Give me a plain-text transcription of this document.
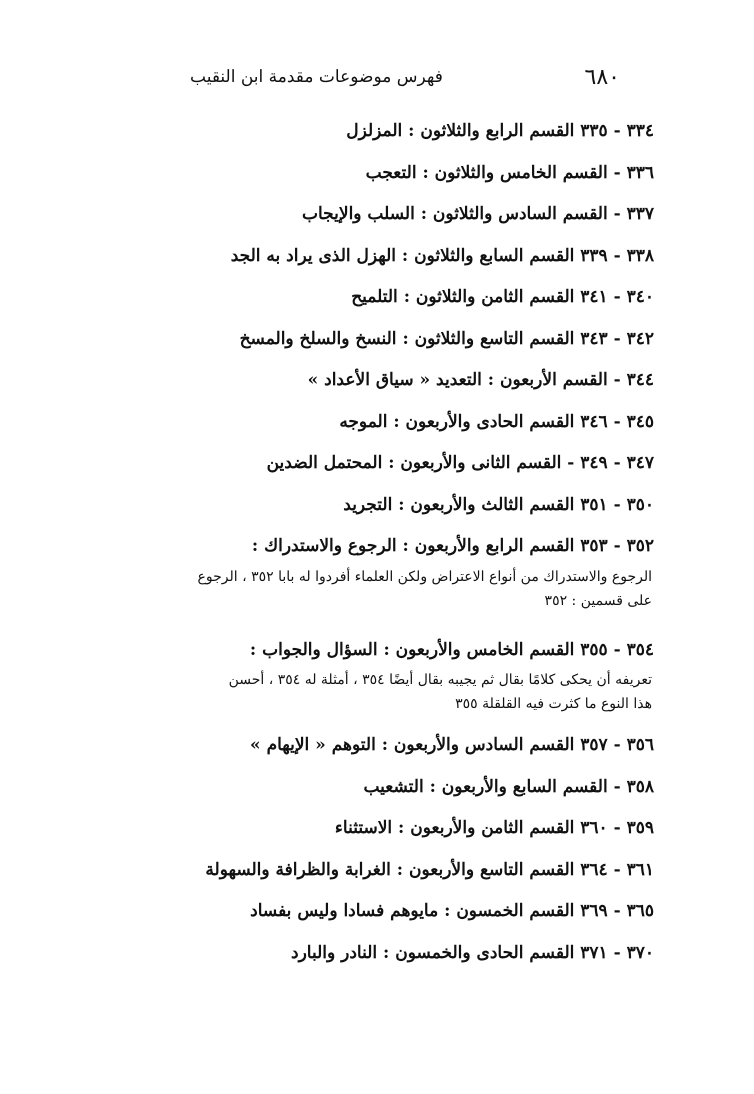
٦٨٠
فهرس موضوعات مقدمة ابن النقيب
٣٣٤ - ٣٣٥ القسم الرابع والثلاثون : المزلزل
٣٣٦ - القسم الخامس والثلاثون : التعجب
٣٣٧ - القسم السادس والثلاثون : السلب والإيجاب
٣٣٨ - ٣٣٩ القسم السابع والثلاثون : الهزل الذى يراد به الجد
٣٤٠ - ٣٤١ القسم الثامن والثلاثون : التلميح
٣٤٢ - ٣٤٣ القسم التاسع والثلاثون : النسخ والسلخ والمسخ
٣٤٤ - القسم الأربعون : التعديد « سياق الأعداد »
٣٤٥ - ٣٤٦ القسم الحادى والأربعون : الموجه
٣٤٧ - ٣٤٩ - القسم الثانى والأربعون : المحتمل الضدين
٣٥٠ - ٣٥١ القسم الثالث والأربعون : التجريد
٣٥٢ - ٣٥٣ القسم الرابع والأربعون : الرجوع والاستدراك :
الرجوع والاستدراك من أنواع الاعتراض ولكن العلماء أفردوا له بابا ٣٥٢ ، الرجوع
على قسمين : ٣٥٢
٣٥٤ - ٣٥٥ القسم الخامس والأربعون : السؤال والجواب :
تعريفه أن يحكى كلامًا بقال ثم يجيبه بقال أيضًا ٣٥٤ ، أمثلة له ٣٥٤ ، أحسن
هذا النوع ما كثرت فيه القلقلة ٣٥٥
٣٥٦ - ٣٥٧ القسم السادس والأربعون : التوهم « الإيهام »
٣٥٨ - القسم السابع والأربعون : التشعيب
٣٥٩ - ٣٦٠ القسم الثامن والأربعون : الاستثناء
٣٦١ - ٣٦٤ القسم التاسع والأربعون : الغرابة والظرافة والسهولة
٣٦٥ - ٣٦٩ القسم الخمسون : مايوهم فسادا وليس بفساد
٣٧٠ - ٣٧١ القسم الحادى والخمسون : النادر والبارد
